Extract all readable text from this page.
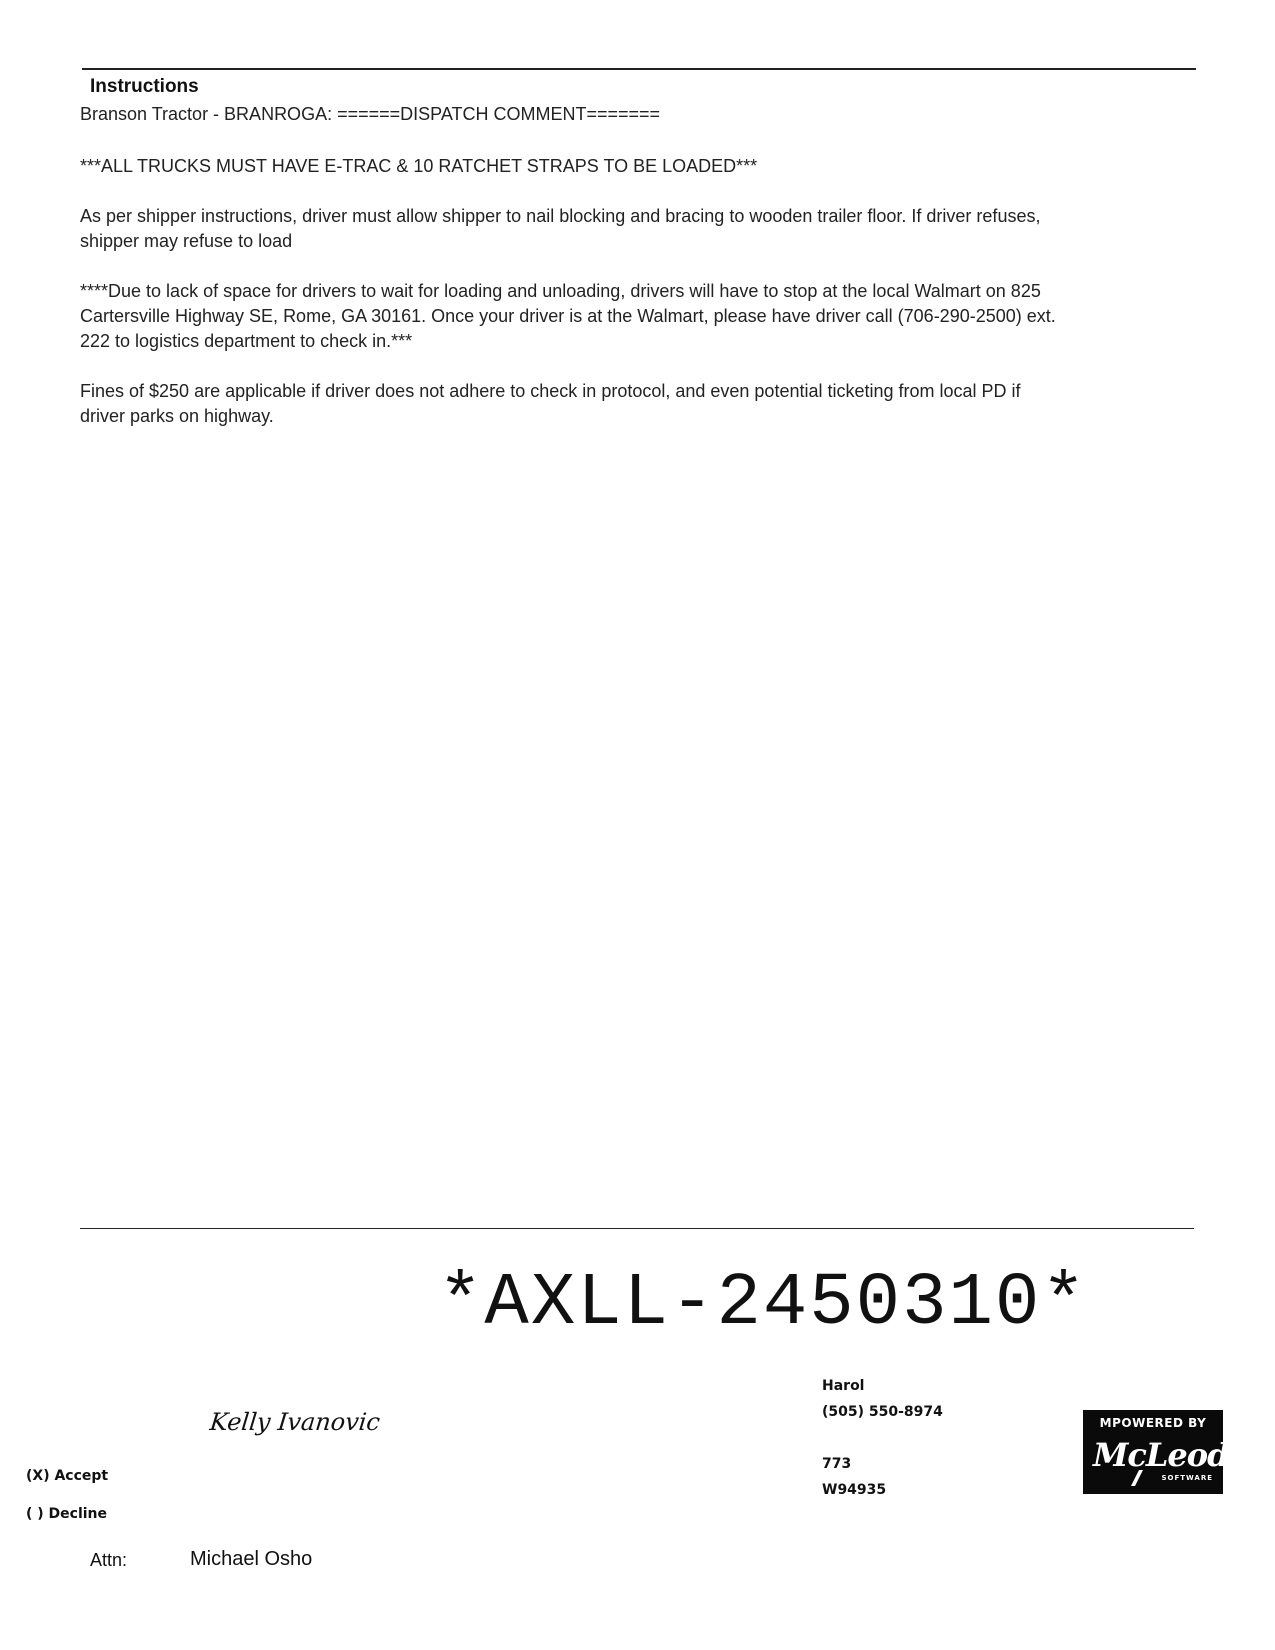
Instructions

Branson Tractor - BRANROGA: ======DISPATCH COMMENT=======

***ALL TRUCKS MUST HAVE E-TRAC & 10 RATCHET STRAPS TO BE LOADED***

As per shipper instructions, driver must allow shipper to nail blocking and bracing to wooden trailer floor. If driver refuses, shipper may refuse to load

****Due to lack of space for drivers to wait for loading and unloading, drivers will have to stop at the local Walmart on 825 Cartersville Highway SE, Rome, GA 30161. Once your driver is at the Walmart, please have driver call (706-290-2500) ext. 222 to logistics department to check in.***

Fines of $250 are applicable if driver does not adhere to check in protocol, and even potential ticketing from local PD if driver parks on highway.

*AXLL-2450310*
Kelly Ivanovic
(X) Accept
( ) Decline
Attn:	Michael Osho
Harol
(505) 550-8974
773
W94935
MPOWERED BY
McLeod
SOFTWARE
